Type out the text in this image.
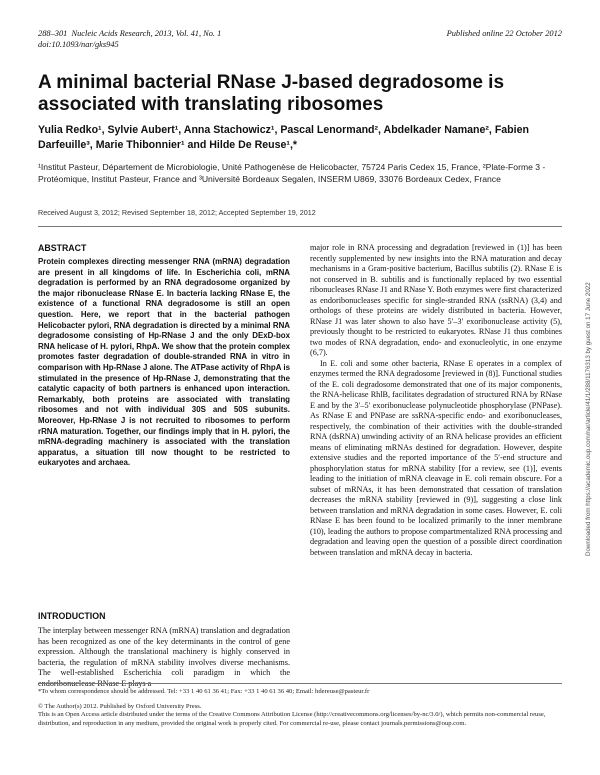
288–301 Nucleic Acids Research, 2013, Vol. 41, No. 1	Published online 22 October 2012
doi:10.1093/nar/gks945
A minimal bacterial RNase J-based degradosome is associated with translating ribosomes
Yulia Redko¹, Sylvie Aubert¹, Anna Stachowicz¹, Pascal Lenormand², Abdelkader Namane², Fabien Darfeuille³, Marie Thibonnier¹ and Hilde De Reuse¹,*
¹Institut Pasteur, Département de Microbiologie, Unité Pathogenèse de Helicobacter, 75724 Paris Cedex 15, France, ²Plate-Forme 3 - Protéomique, Institut Pasteur, France and ³Université Bordeaux Segalen, INSERM U869, 33076 Bordeaux Cedex, France
Received August 3, 2012; Revised September 18, 2012; Accepted September 19, 2012
ABSTRACT
Protein complexes directing messenger RNA (mRNA) degradation are present in all kingdoms of life. In Escherichia coli, mRNA degradation is performed by an RNA degradosome organized by the major ribonuclease RNase E. In bacteria lacking RNase E, the existence of a functional RNA degradosome is still an open question. Here, we report that in the bacterial pathogen Helicobacter pylori, RNA degradation is directed by a minimal RNA degradosome consisting of Hp-RNase J and the only DExD-box RNA helicase of H. pylori, RhpA. We show that the protein complex promotes faster degradation of double-stranded RNA in vitro in comparison with Hp-RNase J alone. The ATPase activity of RhpA is stimulated in the presence of Hp-RNase J, demonstrating that the catalytic capacity of both partners is enhanced upon interaction. Remarkably, both proteins are associated with translating ribosomes and not with individual 30S and 50S subunits. Moreover, Hp-RNase J is not recruited to ribosomes to perform rRNA maturation. Together, our findings imply that in H. pylori, the mRNA-degrading machinery is associated with the translation apparatus, a situation till now thought to be restricted to eukaryotes and archaea.
INTRODUCTION
The interplay between messenger RNA (mRNA) translation and degradation has been recognized as one of the key determinants in the control of gene expression. Although the translational machinery is highly conserved in bacteria, the regulation of mRNA stability involves diverse mechanisms. The well-established Escherichia coli paradigm in which the endoribonuclease RNase E plays a

major role in RNA processing and degradation [reviewed in (1)] has been recently supplemented by new insights into the RNA maturation and decay mechanisms in a Gram-positive bacterium, Bacillus subtilis (2). RNase E is not conserved in B. subtilis and is functionally replaced by two essential ribonucleases RNase J1 and RNase Y. Both enzymes were first characterized as endoribonucleases specific for single-stranded RNA (ssRNA) (3,4) and orthologs of these proteins are widely distributed in bacteria. However, RNase J1 was later shown to also have 5′–3′ exoribonuclease activity (5), previously thought to be restricted to eukaryotes. RNase J1 thus combines two modes of RNA degradation, endo- and exonucleolytic, in one enzyme (6,7).

In E. coli and some other bacteria, RNase E operates in a complex of enzymes termed the RNA degradosome [reviewed in (8)]. Functional studies of the E. coli degradosome demonstrated that one of its major components, the RNA-helicase RhlB, facilitates degradation of structured RNA by RNase E and by the 3′–5′ exoribonuclease polynucleotide phosphorylase (PNPase). As RNase E and PNPase are ssRNA-specific endo- and exoribonucleases, respectively, the combination of their activities with the double-stranded RNA (dsRNA) unwinding activity of an RNA helicase provides an efficient means of eliminating mRNAs destined for degradation. However, despite extensive studies and the reported importance of the 5′-end structure and phosphorylation status for mRNA stability [for a review, see (1)], events leading to the initiation of mRNA cleavage in E. coli remain obscure. For a subset of mRNAs, it has been demonstrated that cessation of translation decreases the mRNA stability [reviewed in (9)], suggesting a close link between translation and mRNA degradation in some cases. However, E. coli RNase E has been found to be localized primarily to the inner membrane (10), leading the authors to propose compartmentalized RNA processing and degradation and leaving open the question of a possible direct coordination between translation and mRNA decay in bacteria.

*To whom correspondence should be addressed. Tel: +33 1 40 61 36 41; Fax: +33 1 40 61 36 40; Email: hdereuse@pasteur.fr
© The Author(s) 2012. Published by Oxford University Press.
This is an Open Access article distributed under the terms of the Creative Commons Attribution License (http://creativecommons.org/licenses/by-nc/3.0/), which permits non-commercial reuse, distribution, and reproduction in any medium, provided the original work is properly cited. For commercial re-use, please contact journals.permissions@oup.com.
Downloaded from https://academic.oup.com/nar/article/41/1/288/1176313 by guest on 17 June 2022
